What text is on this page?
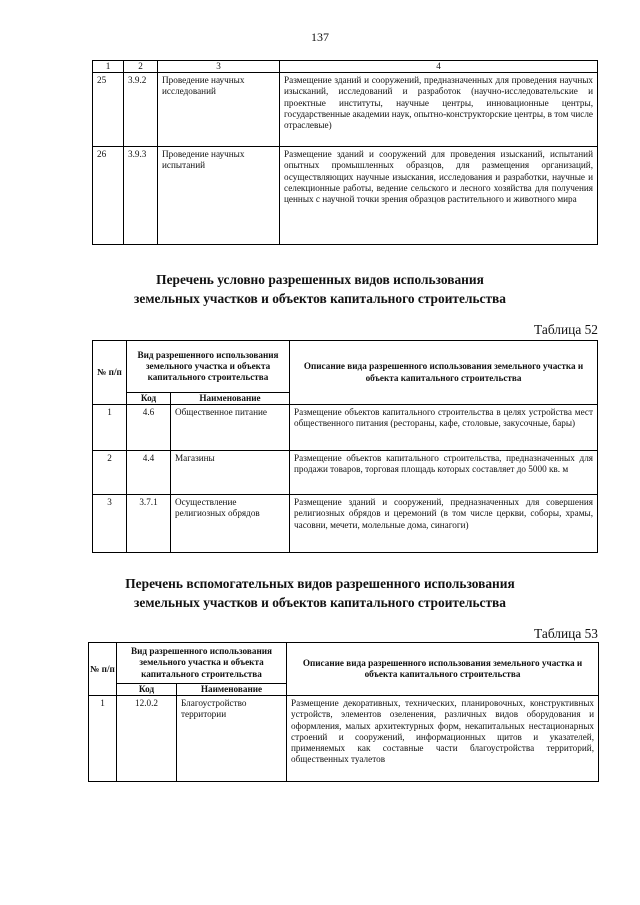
137
1	2	3	4
25	3.9.2	Проведение научных исследований	Размещение зданий и сооружений, предназначенных для проведения научных изысканий, исследований и разработок (научно-исследовательские и проектные институты, научные центры, инновационные центры, государственные академии наук, опытно-конструкторские центры, в том числе отраслевые)
26	3.9.3	Проведение научных испытаний	Размещение зданий и сооружений для проведения изысканий, испытаний опытных промышленных образцов, для размещения организаций, осуществляющих научные изыскания, исследования и разработки, научные и селекционные работы, ведение сельского и лесного хозяйства для получения ценных с научной точки зрения образцов растительного и животного мира
Перечень условно разрешенных видов использования
земельных участков и объектов капитального строительства
Таблица 52
№ п/п	Вид разрешенного использования земельного участка и объекта капитального строительства		Описание вида разрешенного использования земельного участка и объекта капитального строительства
	Код	Наименование	
1	4.6	Общественное питание	Размещение объектов капитального строительства в целях устройства мест общественного питания (рестораны, кафе, столовые, закусочные, бары)
2	4.4	Магазины	Размещение объектов капитального строительства, предназначенных для продажи товаров, торговая площадь которых составляет до 5000 кв. м
3	3.7.1	Осуществление религиозных обрядов	Размещение зданий и сооружений, предназначенных для совершения религиозных обрядов и церемоний (в том числе церкви, соборы, храмы, часовни, мечети, молельные дома, синагоги)
Перечень вспомогательных видов разрешенного использования
земельных участков и объектов капитального строительства
Таблица 53
№ п/п	Вид разрешенного использования земельного участка и объекта капитального строительства		Описание вида разрешенного использования земельного участка и объекта капитального строительства
	Код	Наименование	
1	12.0.2	Благоустройство территории	Размещение декоративных, технических, планировочных, конструктивных устройств, элементов озеленения, различных видов оборудования и оформления, малых архитектурных форм, некапитальных нестационарных строений и сооружений, информационных щитов и указателей, применяемых как составные части благоустройства территорий, общественных туалетов
